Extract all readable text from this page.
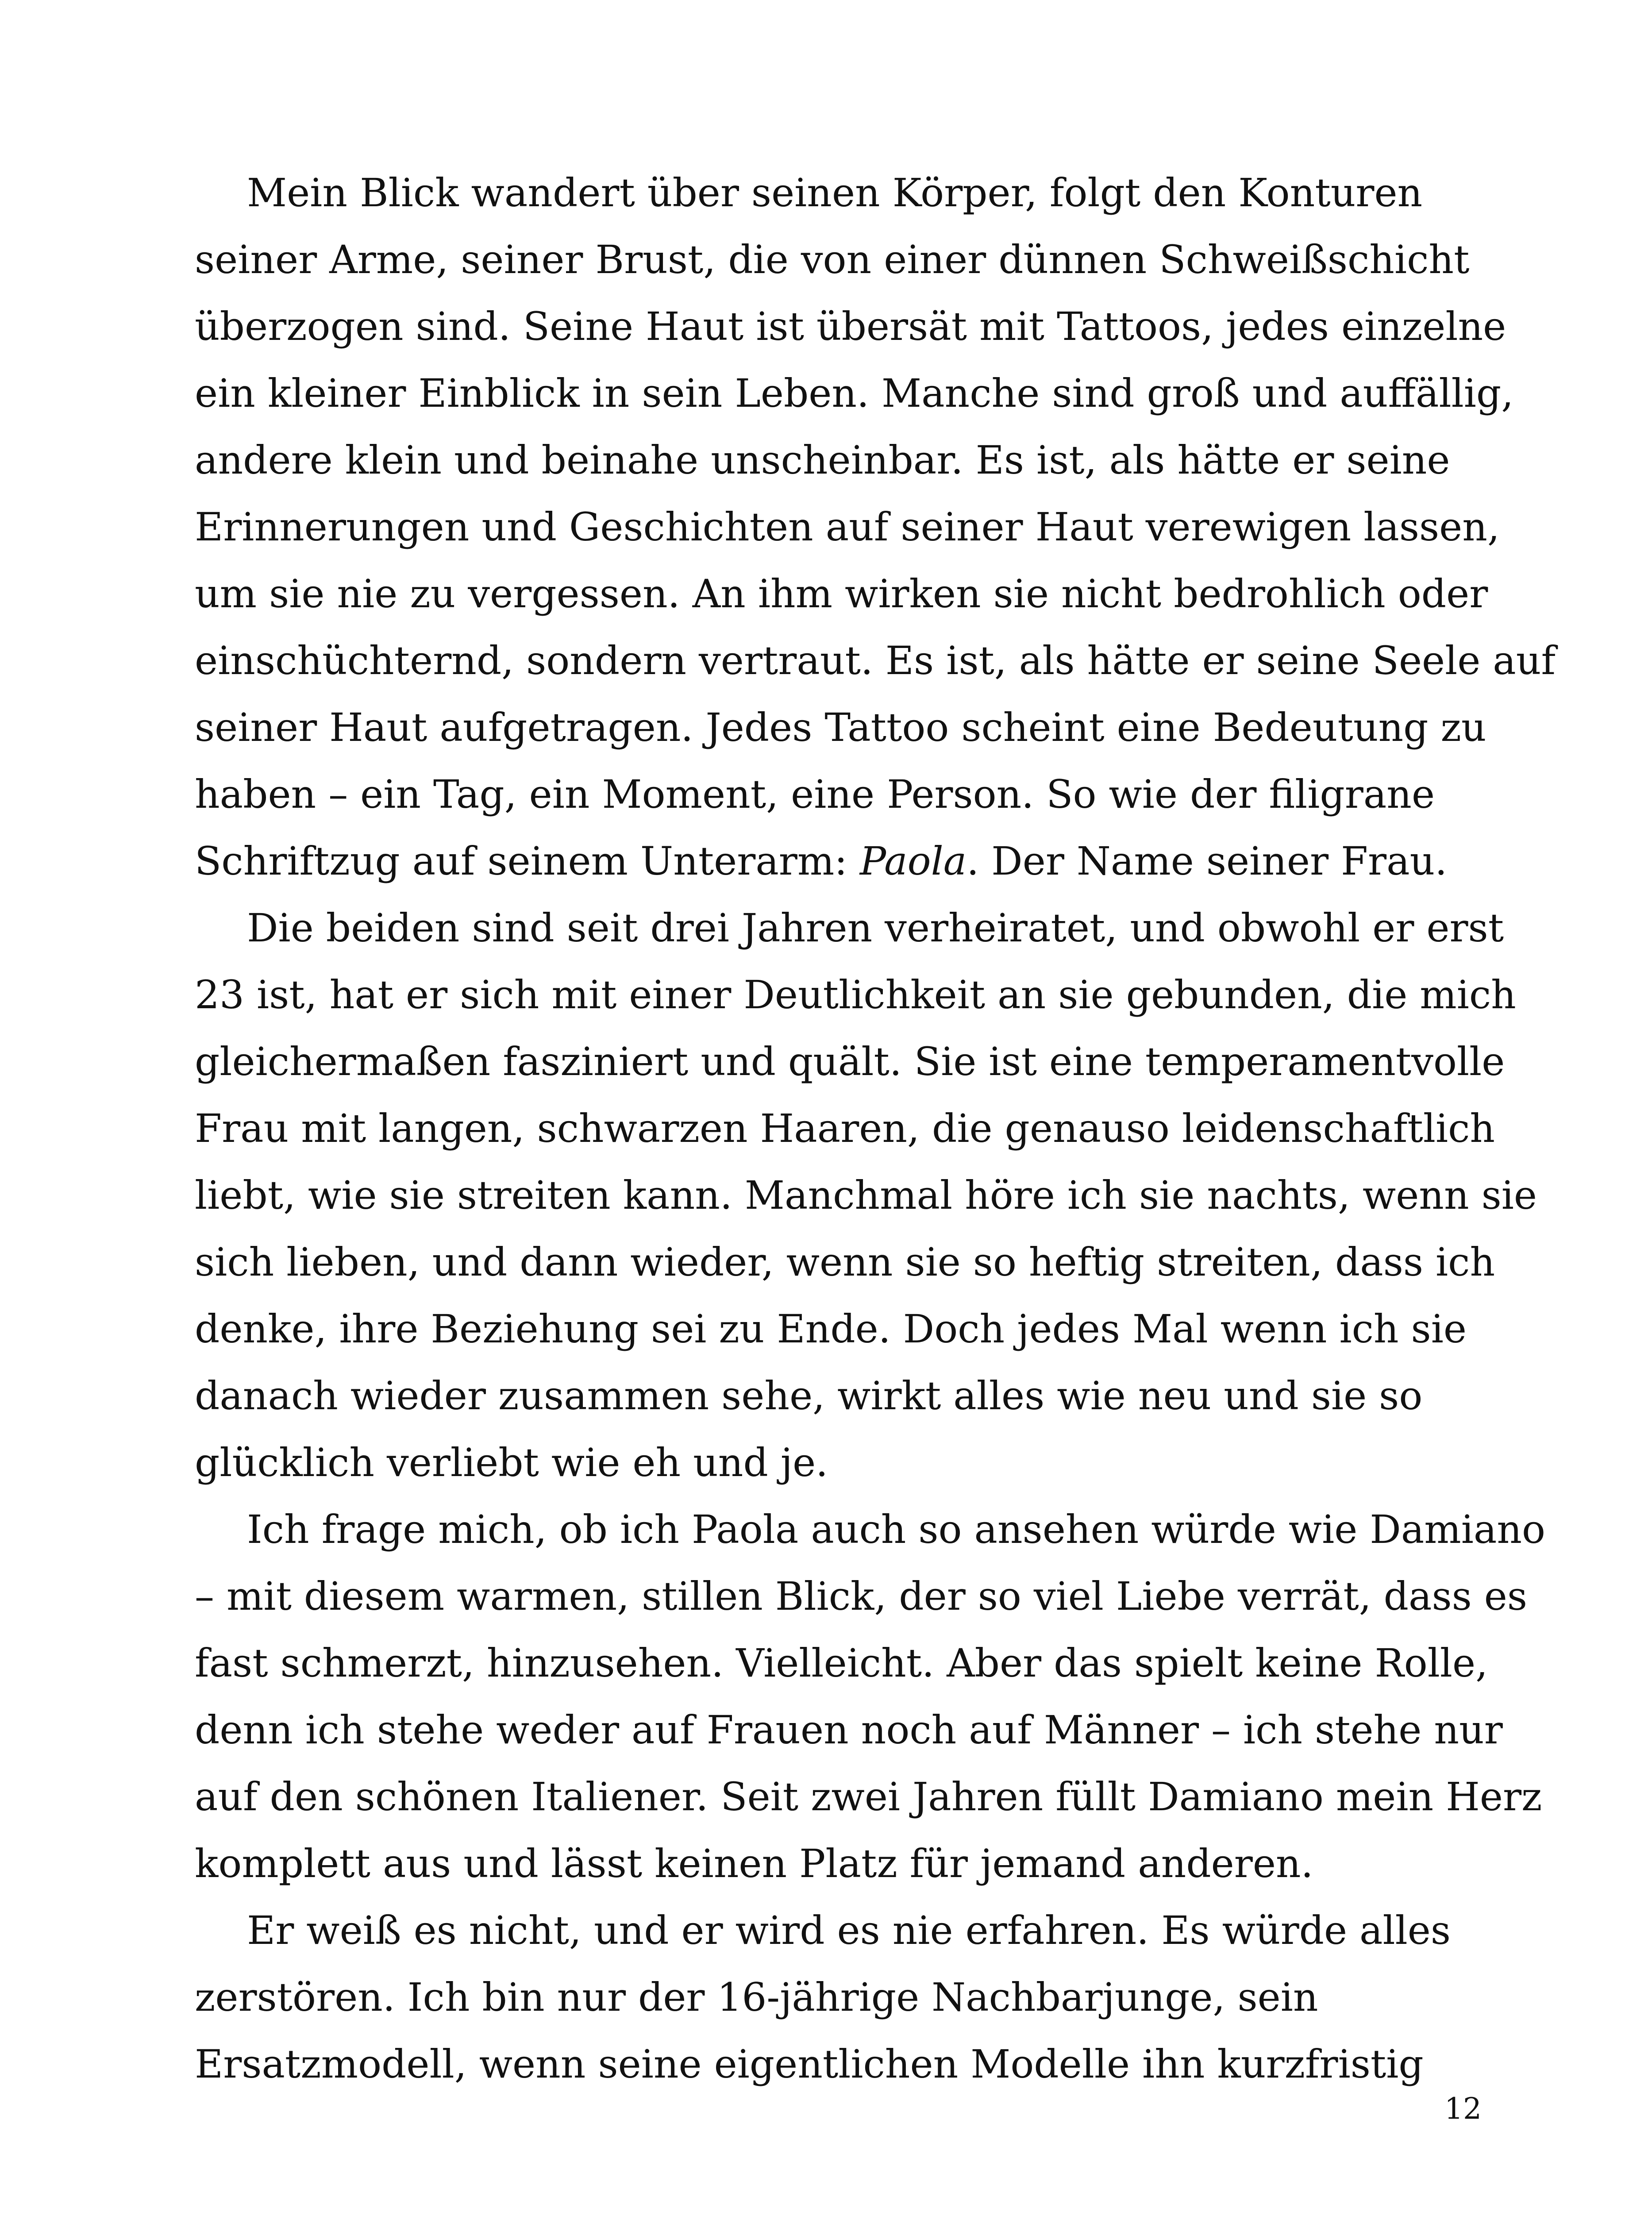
Mein Blick wandert über seinen Körper, folgt den Konturen
seiner Arme, seiner Brust, die von einer dünnen Schweißschicht
überzogen sind. Seine Haut ist übersät mit Tattoos, jedes einzelne
ein kleiner Einblick in sein Leben. Manche sind groß und auffällig,
andere klein und beinahe unscheinbar. Es ist, als hätte er seine
Erinnerungen und Geschichten auf seiner Haut verewigen lassen,
um sie nie zu vergessen. An ihm wirken sie nicht bedrohlich oder
einschüchternd, sondern vertraut. Es ist, als hätte er seine Seele auf
seiner Haut aufgetragen. Jedes Tattoo scheint eine Bedeutung zu
haben – ein Tag, ein Moment, eine Person. So wie der filigrane
Schriftzug auf seinem Unterarm: Paola. Der Name seiner Frau.

Die beiden sind seit drei Jahren verheiratet, und obwohl er erst
23 ist, hat er sich mit einer Deutlichkeit an sie gebunden, die mich
gleichermaßen fasziniert und quält. Sie ist eine temperamentvolle
Frau mit langen, schwarzen Haaren, die genauso leidenschaftlich
liebt, wie sie streiten kann. Manchmal höre ich sie nachts, wenn sie
sich lieben, und dann wieder, wenn sie so heftig streiten, dass ich
denke, ihre Beziehung sei zu Ende. Doch jedes Mal wenn ich sie
danach wieder zusammen sehe, wirkt alles wie neu und sie so
glücklich verliebt wie eh und je.

Ich frage mich, ob ich Paola auch so ansehen würde wie Damiano
– mit diesem warmen, stillen Blick, der so viel Liebe verrät, dass es
fast schmerzt, hinzusehen. Vielleicht. Aber das spielt keine Rolle,
denn ich stehe weder auf Frauen noch auf Männer – ich stehe nur
auf den schönen Italiener. Seit zwei Jahren füllt Damiano mein Herz
komplett aus und lässt keinen Platz für jemand anderen.

Er weiß es nicht, und er wird es nie erfahren. Es würde alles
zerstören. Ich bin nur der 16-jährige Nachbarjunge, sein
Ersatzmodell, wenn seine eigentlichen Modelle ihn kurzfristig

12
